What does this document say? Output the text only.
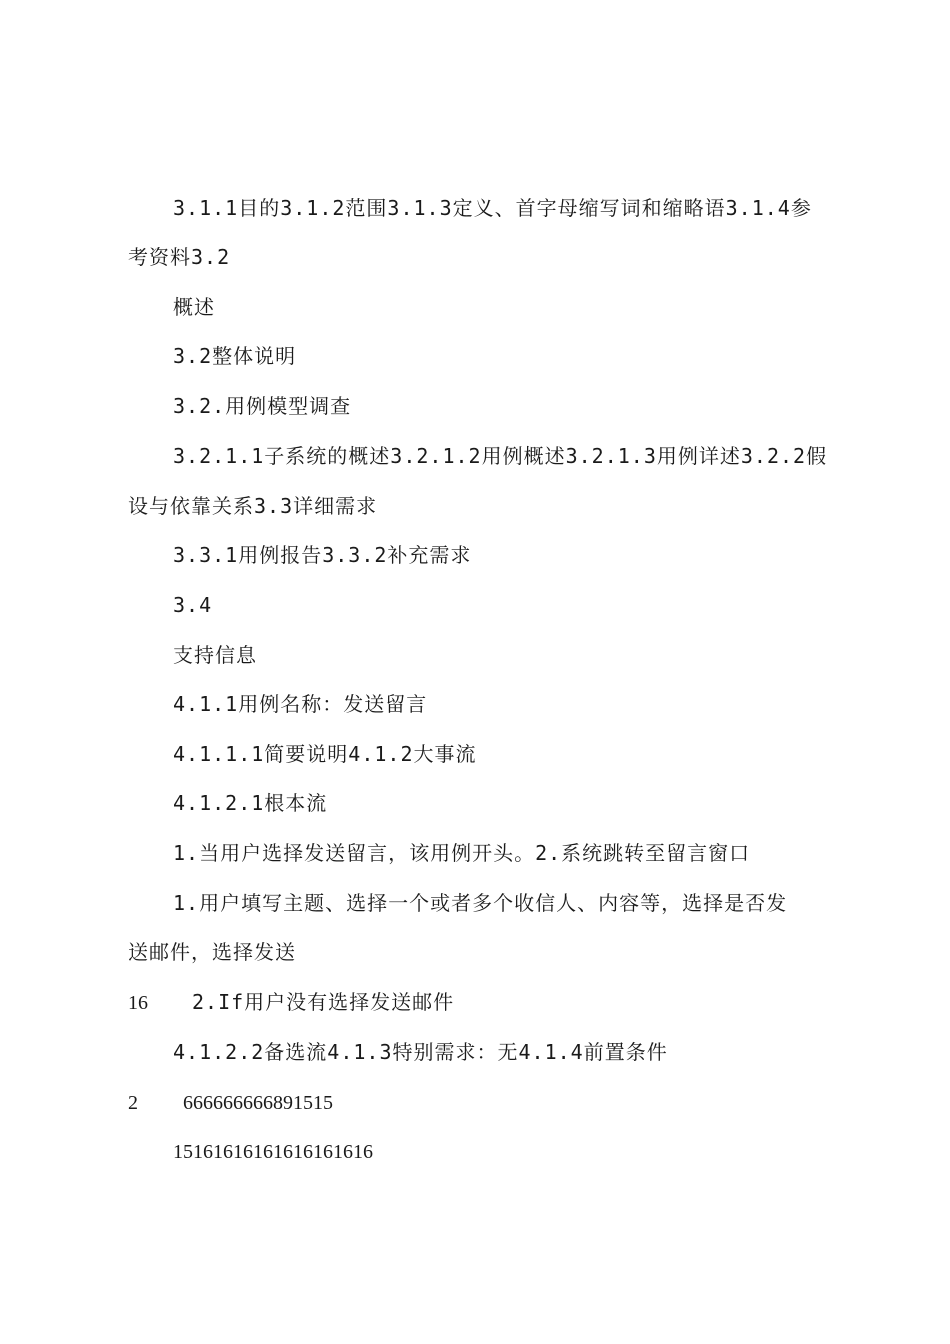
3.1.1目的3.1.2范围3.1.3定义、首字母缩写词和缩略语3.1.4参
考资料3.2
概述
3.2整体说明
3.2.用例模型调查
3.2.1.1子系统的概述3.2.1.2用例概述3.2.1.3用例详述3.2.2假
设与依靠关系3.3详细需求
3.3.1用例报告3.3.2补充需求
3.4
支持信息
4.1.1用例名称：发送留言
4.1.1.1简要说明4.1.2大事流
4.1.2.1根本流
1.当用户选择发送留言，该用例开头。2.系统跳转至留言窗口
1.用户填写主题、选择一个或者多个收信人、内容等，选择是否发
送邮件，选择发送
16 2.If用户没有选择发送邮件
4.1.2.2备选流4.1.3特别需求：无4.1.4前置条件
2 666666666891515
15161616161616161616
